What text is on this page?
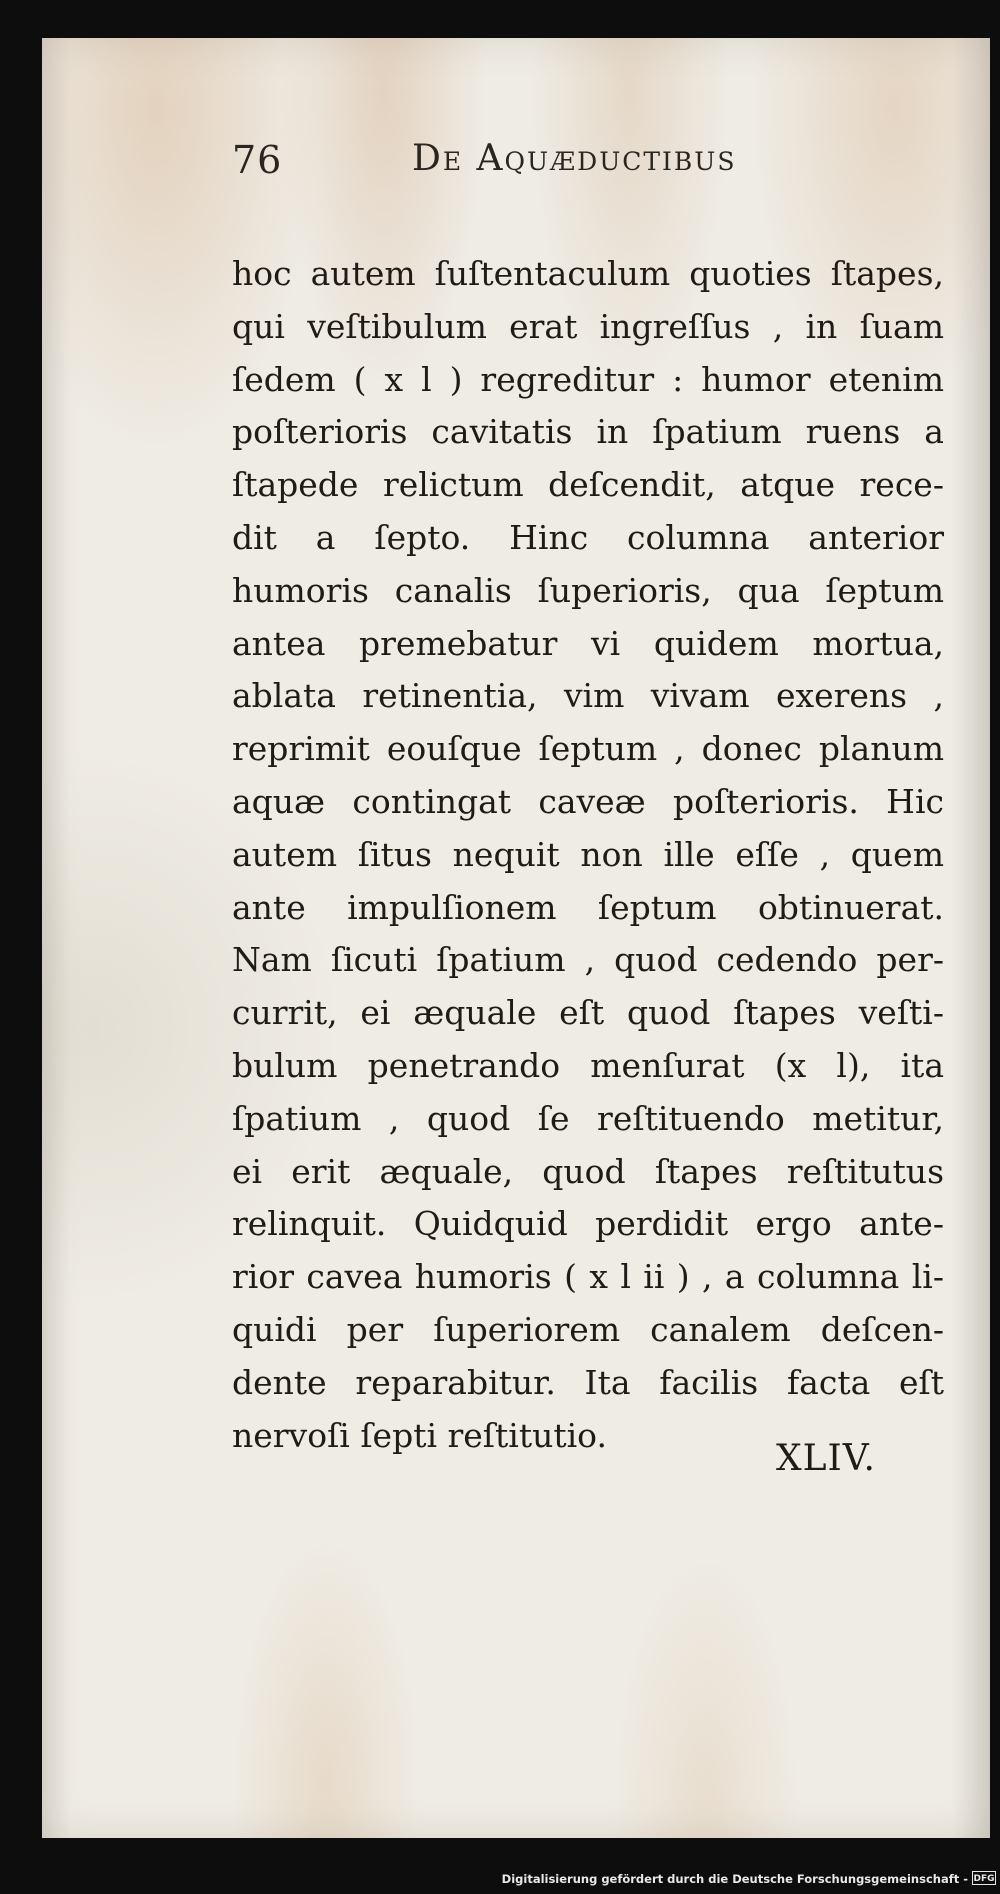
76	De Aquæductibus
hoc autem ſuſtentaculum quoties ſtapes,
qui veſtibulum erat ingreſſus , in ſuam
ſedem ( x l ) regreditur : humor etenim
poſterioris cavitatis in ſpatium ruens a
ſtapede relictum deſcendit, atque rece-
dit a ſepto. Hinc columna anterior
humoris canalis ſuperioris, qua ſeptum
antea premebatur vi quidem mortua,
ablata retinentia, vim vivam exerens ,
reprimit eouſque ſeptum , donec planum
aquæ contingat caveæ poſterioris. Hic
autem ſitus nequit non ille eſſe , quem
ante impulſionem ſeptum obtinuerat.
Nam ſicuti ſpatium , quod cedendo per-
currit, ei æquale eſt quod ſtapes veſti-
bulum penetrando menſurat (x l), ita
ſpatium , quod ſe reſtituendo metitur,
ei erit æquale, quod ſtapes reſtitutus
relinquit. Quidquid perdidit ergo ante-
rior cavea humoris ( x l ii ) , a columna li-
quidi per ſuperiorem canalem deſcen-
dente reparabitur. Ita facilis facta eſt
nervoſi ſepti reſtitutio.
XLIV.
Digitalisierung gefördert durch die Deutsche Forschungsgemeinschaft - DFG
